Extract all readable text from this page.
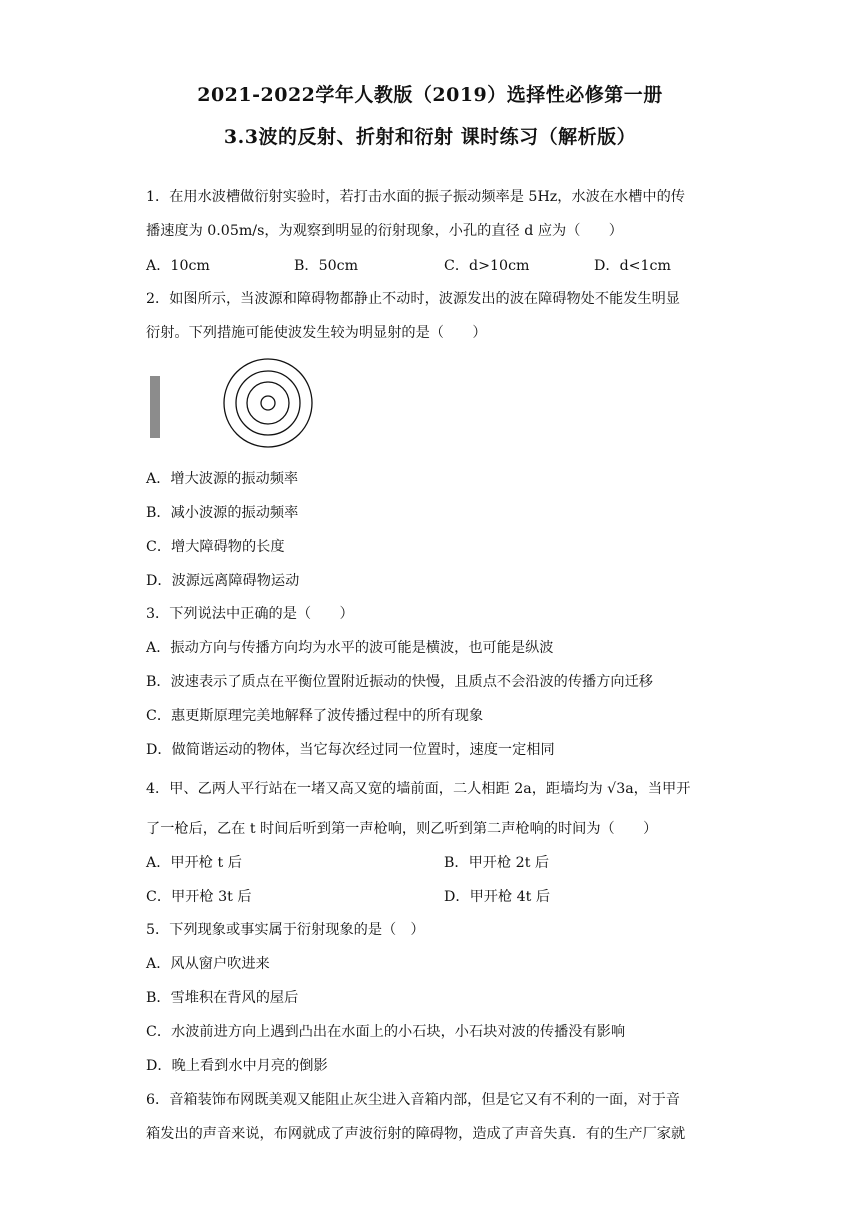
2021-2022学年人教版（2019）选择性必修第一册
3.3波的反射、折射和衍射 课时练习（解析版）
1．在用水波槽做衍射实验时，若打击水面的振子振动频率是 5Hz，水波在水槽中的传
播速度为 0.05m/s，为观察到明显的衍射现象，小孔的直径 d 应为（　　）
A．10cm	B．50cm	C．d>10cm	D．d<1cm
2．如图所示，当波源和障碍物都静止不动时，波源发出的波在障碍物处不能发生明显
衍射。下列措施可能使波发生较为明显射的是（　　）
A．增大波源的振动频率
B．减小波源的振动频率
C．增大障碍物的长度
D．波源远离障碍物运动
3．下列说法中正确的是（　　）
A．振动方向与传播方向均为水平的波可能是横波，也可能是纵波
B．波速表示了质点在平衡位置附近振动的快慢，且质点不会沿波的传播方向迁移
C．惠更斯原理完美地解释了波传播过程中的所有现象
D．做简谐运动的物体，当它每次经过同一位置时，速度一定相同
4．甲、乙两人平行站在一堵又高又宽的墙前面，二人相距 2a，距墙均为 √3a，当甲开
了一枪后，乙在 t 时间后听到第一声枪响，则乙听到第二声枪响的时间为（　　）
A．甲开枪 t 后	B．甲开枪 2t 后
C．甲开枪 3t 后	D．甲开枪 4t 后
5．下列现象或事实属于衍射现象的是（　）
A．风从窗户吹进来
B．雪堆积在背风的屋后
C．水波前进方向上遇到凸出在水面上的小石块，小石块对波的传播没有影响
D．晚上看到水中月亮的倒影
6．音箱装饰布网既美观又能阻止灰尘进入音箱内部，但是它又有不利的一面，对于音
箱发出的声音来说，布网就成了声波衍射的障碍物，造成了声音失真．有的生产厂家就
